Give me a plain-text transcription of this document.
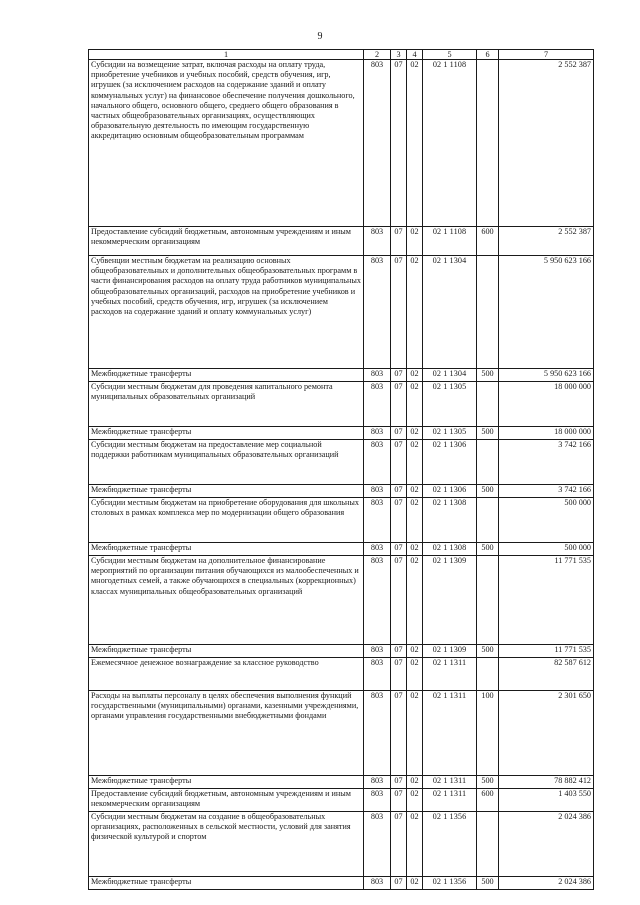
9
1	2	3	4	5	6	7
Субсидии на возмещение затрат, включая расходы на оплату труда, приобретение учебников и учебных пособий, средств обучения, игр, игрушек (за исключением расходов на содержание зданий и оплату коммунальных услуг) на финансовое обеспечение получения дошкольного, начального общего, основного общего, среднего общего образования в частных общеобразовательных организациях, осуществляющих образовательную деятельность по имеющим государственную аккредитацию основным общеобразовательным программам	803	07	02	02 1 1108		2 552 387
Предоставление субсидий бюджетным, автономным учреждениям и иным некоммерческим организациям	803	07	02	02 1 1108	600	2 552 387
Субвенции местным бюджетам на реализацию основных общеобразовательных и дополнительных общеобразовательных программ в части финансирования расходов на оплату труда работников муниципальных общеобразовательных организаций, расходов на приобретение учебников и учебных пособий, средств обучения, игр, игрушек (за исключением расходов на содержание зданий и оплату коммунальных услуг)	803	07	02	02 1 1304		5 950 623 166
Межбюджетные трансферты	803	07	02	02 1 1304	500	5 950 623 166
Субсидии местным бюджетам для проведения капитального ремонта муниципальных образовательных организаций	803	07	02	02 1 1305		18 000 000
Межбюджетные трансферты	803	07	02	02 1 1305	500	18 000 000
Субсидии местным бюджетам на предоставление мер социальной поддержки работникам муниципальных образовательных организаций	803	07	02	02 1 1306		3 742 166
Межбюджетные трансферты	803	07	02	02 1 1306	500	3 742 166
Субсидии местным бюджетам на приобретение оборудования для школьных столовых в рамках комплекса мер по модернизации общего образования	803	07	02	02 1 1308		500 000
Межбюджетные трансферты	803	07	02	02 1 1308	500	500 000
Субсидии местным бюджетам на дополнительное финансирование мероприятий по организации питания обучающихся из малообеспеченных и многодетных семей, а также обучающихся в специальных (коррекционных) классах муниципальных общеобразовательных организаций	803	07	02	02 1 1309		11 771 535
Межбюджетные трансферты	803	07	02	02 1 1309	500	11 771 535
Ежемесячное денежное вознаграждение за классное руководство	803	07	02	02 1 1311		82 587 612
Расходы на выплаты персоналу в целях обеспечения выполнения функций государственными (муниципальными) органами, казенными учреждениями, органами управления государственными внебюджетными фондами	803	07	02	02 1 1311	100	2 301 650
Межбюджетные трансферты	803	07	02	02 1 1311	500	78 882 412
Предоставление субсидий бюджетным, автономным учреждениям и иным некоммерческим организациям	803	07	02	02 1 1311	600	1 403 550
Субсидии местным бюджетам на создание в общеобразовательных организациях, расположенных в сельской местности, условий для занятия физической культурой и спортом	803	07	02	02 1 1356		2 024 386
Межбюджетные трансферты	803	07	02	02 1 1356	500	2 024 386
